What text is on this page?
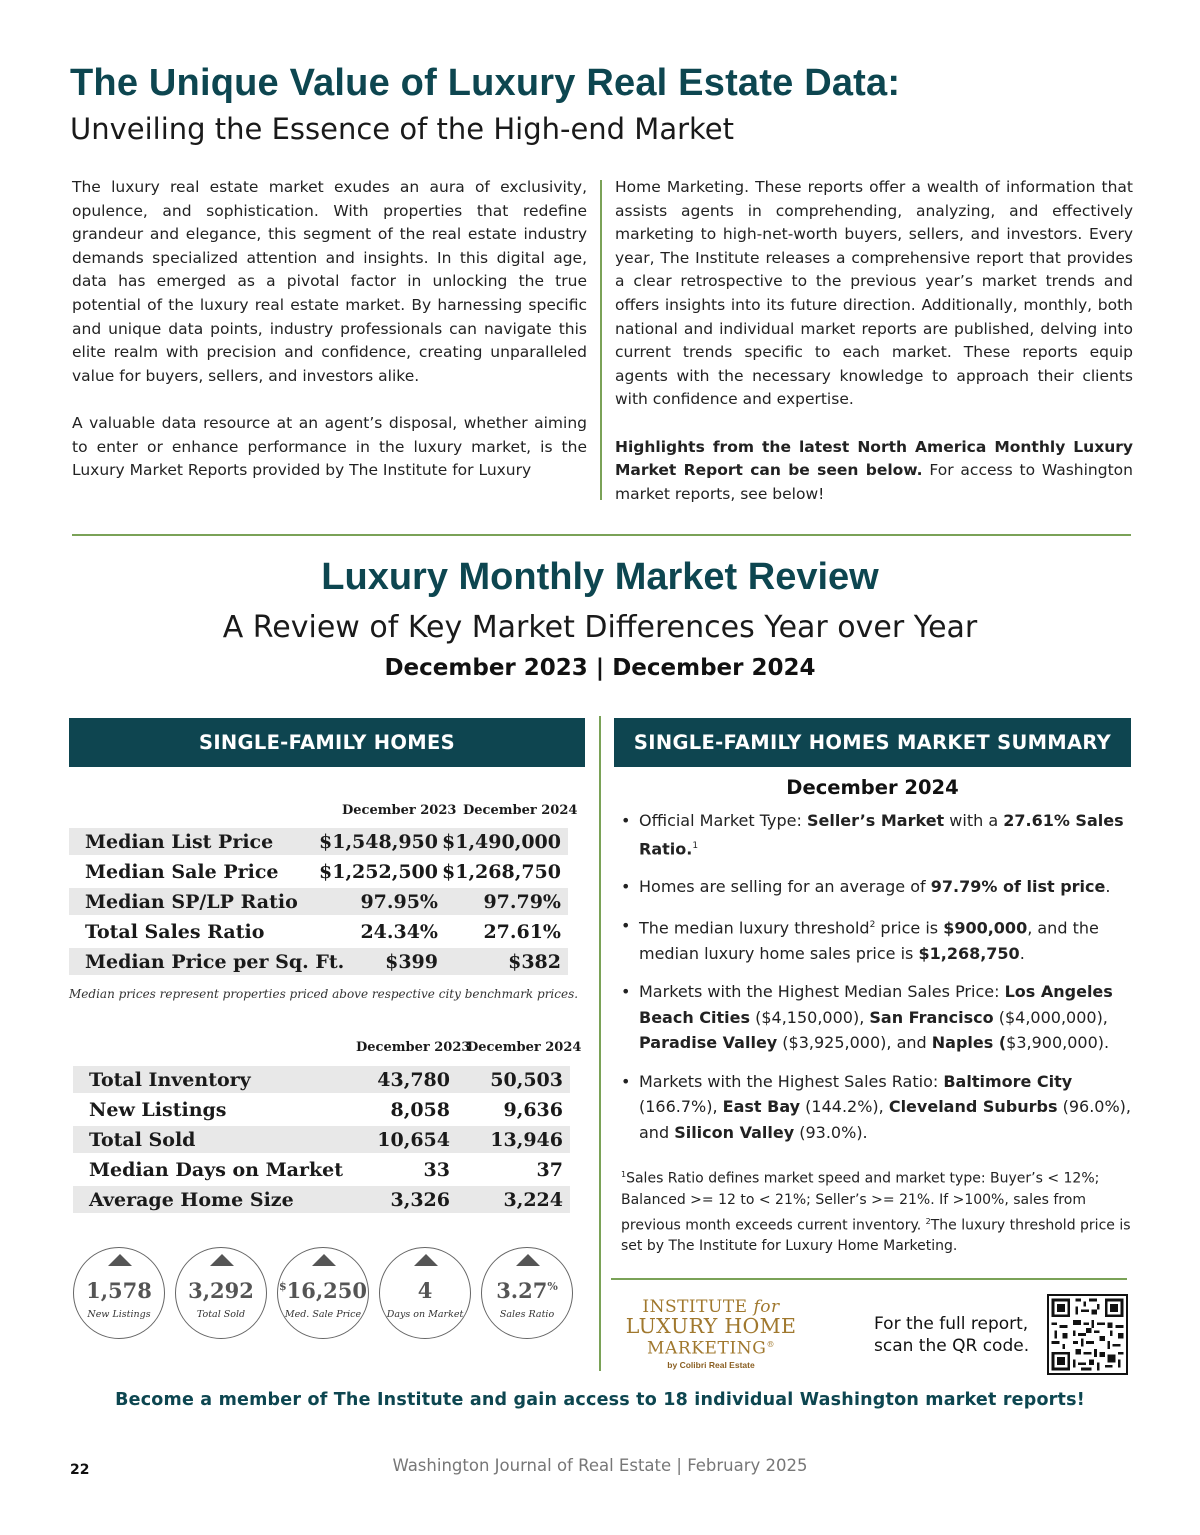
The Unique Value of Luxury Real Estate Data:
Unveiling the Essence of the High-end Market

The luxury real estate market exudes an aura of exclusivity, opulence, and sophistication. With properties that redefine grandeur and elegance, this segment of the real estate industry demands specialized attention and insights. In this digital age, data has emerged as a pivotal factor in unlocking the true potential of the luxury real estate market. By harnessing specific and unique data points, industry professionals can navigate this elite realm with precision and confidence, creating unparalleled value for buyers, sellers, and investors alike.

A valuable data resource at an agent’s disposal, whether aiming to enter or enhance performance in the luxury market, is the Luxury Market Reports provided by The Institute for Luxury

Home Marketing. These reports offer a wealth of information that assists agents in comprehending, analyzing, and effectively marketing to high-net-worth buyers, sellers, and investors. Every year, The Institute releases a comprehensive report that provides a clear retrospective to the previous year’s market trends and offers insights into its future direction. Additionally, monthly, both national and individual market reports are published, delving into current trends specific to each market. These reports equip agents with the necessary knowledge to approach their clients with confidence and expertise.

Highlights from the latest North America Monthly Luxury Market Report can be seen below. For access to Washington market reports, see below!

Luxury Monthly Market Review
A Review of Key Market Differences Year over Year
December 2023 | December 2024
SINGLE-FAMILY HOMES	SINGLE-FAMILY HOMES MARKET SUMMARY
December 2023 December 2024
Median List Price $1,548,950 $1,490,000
Median Sale Price $1,252,500 $1,268,750
Median SP/LP Ratio	97.95% 97.79%
Total Sales Ratio	24.34% 27.61%
Median Price per Sq. Ft. $399	$382
Median prices represent properties priced above respective city benchmark prices.
December 2023
December 2024
Total Inventory	43,780 50,503
New Listings	8,058	9,636
Total Sold	10,654 13,946
Median Days on Market	33	37
Average Home Size	3,326	3,224
1,578
New Listings
3,292
Total Sold
$16,250
Med. Sale Price
4
Days on Market
3.27%
Sales Ratio
December 2024
• Official Market Type: Seller’s Market with a 27.61% Sales Ratio.$^1$
• Homes are selling for an average of 97.79% of list price.
• The median luxury threshold$^2$ price is $900,000, and the median luxury home sales price is $1,268,750.
• Markets with the Highest Median Sales Price: Los Angeles Beach Cities ($4,150,000), San Francisco ($4,000,000), Paradise Valley ($3,925,000), and Naples ($3,900,000).
• Markets with the Highest Sales Ratio: Baltimore City (166.7%), East Bay (144.2%), Cleveland Suburbs (96.0%), and Silicon Valley (93.0%).
$^1$Sales Ratio defines market speed and market type: Buyer’s < 12%; Balanced >= 12 to < 21%; Seller’s >= 21%. If >100%, sales from previous month exceeds current inventory. $^2$The luxury threshold price is set by The Institute for Luxury Home Marketing.
INSTITUTE for
LUXURY HOME
MARKETING®
by Colibri Real Estate
For the full report,
scan the QR code.
Become a member of The Institute and gain access to 18 individual Washington market reports!
22	Washington Journal of Real Estate | February 2025
